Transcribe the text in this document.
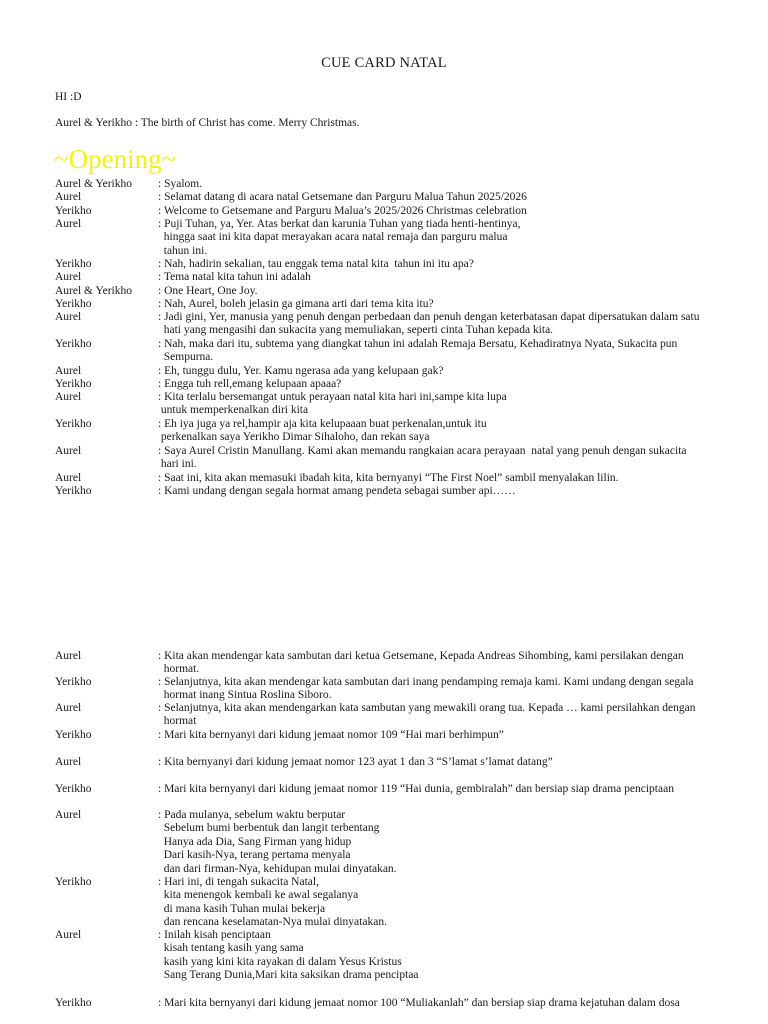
CUE CARD NATAL
HI :D
Aurel & Yerikho : The birth of Christ has come. Merry Christmas.
~Opening~
Aurel & Yerikho	: Syalom.
Aurel	: Selamat datang di acara natal Getsemane dan Parguru Malua Tahun 2025/2026
Yerikho	: Welcome to Getsemane and Parguru Malua’s 2025/2026 Christmas celebration
Aurel	: Puji Tuhan, ya, Yer. Atas berkat dan karunia Tuhan yang tiada henti-hentinya,
hingga saat ini kita dapat merayakan acara natal remaja dan parguru malua
tahun ini.
Yerikho	: Nah, hadirin sekalian, tau enggak tema natal kita  tahun ini itu apa?
Aurel	: Tema natal kita tahun ini adalah
Aurel & Yerikho	: One Heart, One Joy.
Yerikho	: Nah, Aurel, boleh jelasin ga gimana arti dari tema kita itu?
Aurel	: Jadi gini, Yer, manusia yang penuh dengan perbedaan dan penuh dengan keterbatasan dapat dipersatukan dalam satu
hati yang mengasihi dan sukacita yang memuliakan, seperti cinta Tuhan kepada kita.
Yerikho	: Nah, maka dari itu, subtema yang diangkat tahun ini adalah Remaja Bersatu, Kehadiratnya Nyata, Sukacita pun
Sempurna.
Aurel	: Eh, tunggu dulu, Yer. Kamu ngerasa ada yang kelupaan gak?
Yerikho	: Engga tuh rell,emang kelupaan apaaa?
Aurel	: Kita terlalu bersemangat untuk perayaan natal kita hari ini,sampe kita lupa
untuk memperkenalkan diri kita
Yerikho	: Eh iya juga ya rel,hampir aja kita kelupaaan buat perkenalan,untuk itu
perkenalkan saya Yerikho Dimar Sihaloho, dan rekan saya
Aurel	: Saya Aurel Cristin Manullang. Kami akan memandu rangkaian acara perayaan  natal yang penuh dengan sukacita
hari ini.
Aurel	: Saat ini, kita akan memasuki ibadah kita, kita bernyanyi “The First Noel” sambil menyalakan lilin.
Yerikho	: Kami undang dengan segala hormat amang pendeta sebagai sumber api……
Aurel	: Kita akan mendengar kata sambutan dari ketua Getsemane, Kepada Andreas Sihombing, kami persilakan dengan
hormat.
Yerikho	: Selanjutnya, kita akan mendengar kata sambutan dari inang pendamping remaja kami. Kami undang dengan segala
hormat inang Sintua Roslina Siboro.
Aurel	: Selanjutnya, kita akan mendengarkan kata sambutan yang mewakili orang tua. Kepada … kami persilahkan dengan
hormat
Yerikho	: Mari kita bernyanyi dari kidung jemaat nomor 109 “Hai mari berhimpun”
Aurel	: Kita bernyanyi dari kidung jemaat nomor 123 ayat 1 dan 3 “S’lamat s’lamat datang”
Yerikho	: Mari kita bernyanyi dari kidung jemaat nomor 119 “Hai dunia, gembiralah” dan bersiap siap drama penciptaan
Aurel	: Pada mulanya, sebelum waktu berputar
Sebelum bumi berbentuk dan langit terbentang
Hanya ada Dia, Sang Firman yang hidup
Dari kasih-Nya, terang pertama menyala
dan dari firman-Nya, kehidupan mulai dinyatakan.
Yerikho	: Hari ini, di tengah sukacita Natal,
kita menengok kembali ke awal segalanya
di mana kasih Tuhan mulai bekerja
dan rencana keselamatan-Nya mulai dinyatakan.
Aurel	: Inilah kisah penciptaan
kisah tentang kasih yang sama
kasih yang kini kita rayakan di dalam Yesus Kristus
Sang Terang Dunia,Mari kita saksikan drama penciptaa
Yerikho	: Mari kita bernyanyi dari kidung jemaat nomor 100 “Muliakanlah” dan bersiap siap drama kejatuhan dalam dosa
